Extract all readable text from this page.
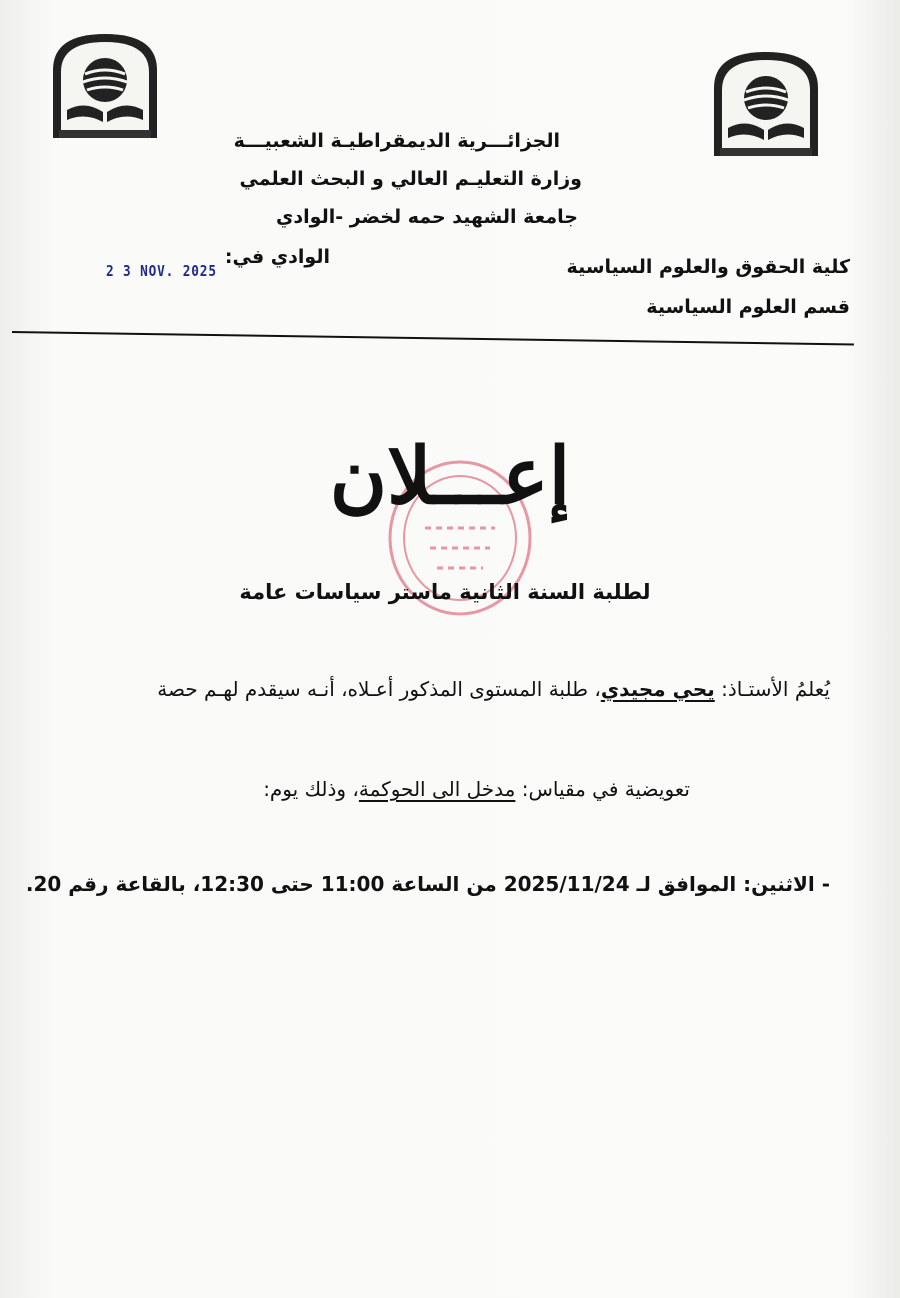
الجزائـــرية الديمقراطيـة الشعبيـــة
وزارة التعليـم العالي و البحث العلمي
جامعة الشهيد حمه لخضر -الوادي
الوادي في:
2 3 NOV. 2025	كلية الحقوق والعلوم السياسية
قسم العلوم السياسية
إعـــلان
لطلبة السنة الثانية ماستر سياسات عامة
يُعلمُ الأستـاذ: يحي مجيدي، طلبة المستوى المذكور أعـلاه، أنـه سيقدم لهـم حصة
تعويضية في مقياس: مدخل الى الحوكمة، وذلك يوم:
- الاثنين: الموافق لـ 2025/11/24 من الساعة 11:00 حتى 12:30، بالقاعة رقم 20.
